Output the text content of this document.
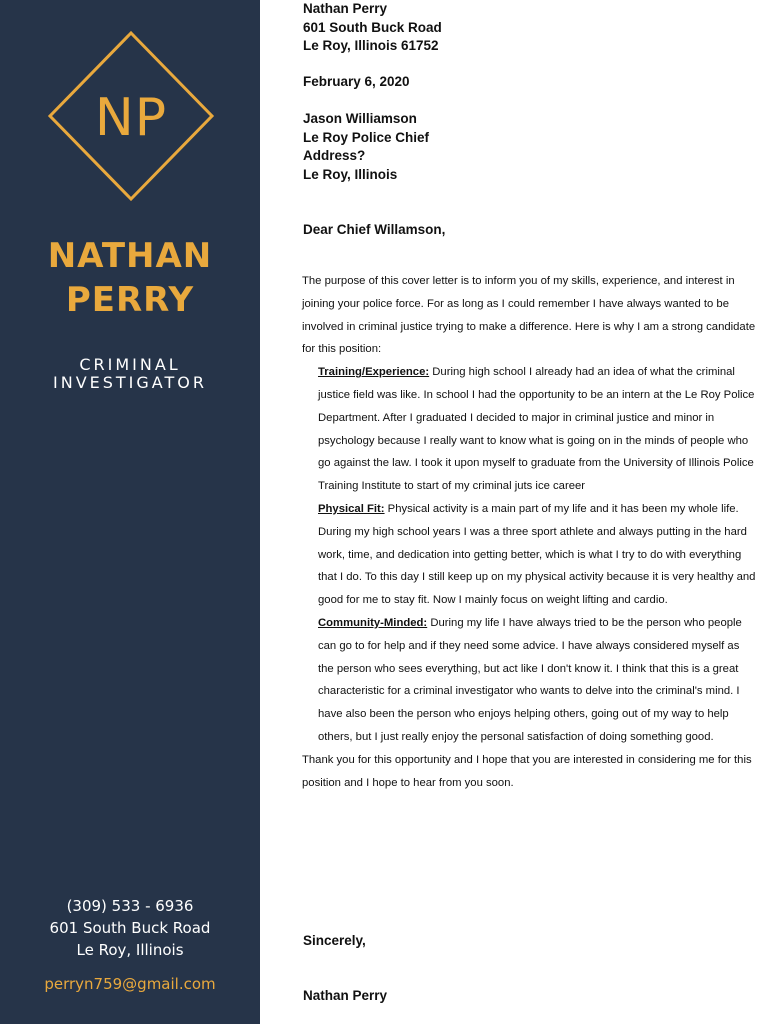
NP
NATHAN
PERRY
CRIMINAL
INVESTIGATOR
(309) 533 - 6936
601 South Buck Road
Le Roy, Illinois
perryn759@gmail.com
Nathan Perry
601 South Buck Road
Le Roy, Illinois 61752
February 6, 2020
Jason Williamson
Le Roy Police Chief
Address?
Le Roy, Illinois
Dear Chief Willamson,

The purpose of this cover letter is to inform you of my skills, experience, and interest in joining your police force. For as long as I could remember I have always wanted to be involved in criminal justice trying to make a difference. Here is why I am a strong candidate for this position:

Training/Experience: During high school I already had an idea of what the criminal justice field was like. In school I had the opportunity to be an intern at the Le Roy Police Department. After I graduated I decided to major in criminal justice and minor in psychology because I really want to know what is going on in the minds of people who go against the law. I took it upon myself to graduate from the University of Illinois Police Training Institute to start of my criminal juts ice career

Physical Fit: Physical activity is a main part of my life and it has been my whole life. During my high school years I was a three sport athlete and always putting in the hard work, time, and dedication into getting better, which is what I try to do with everything that I do. To this day I still keep up on my physical activity because it is very healthy and good for me to stay fit. Now I mainly focus on weight lifting and cardio.

Community-Minded: During my life I have always tried to be the person who people can go to for help and if they need some advice. I have always considered myself as the person who sees everything, but act like I don't know it. I think that this is a great characteristic for a criminal investigator who wants to delve into the criminal's mind. I have also been the person who enjoys helping others, going out of my way to help others, but I just really enjoy the personal satisfaction of doing something good.

Thank you for this opportunity and I hope that you are interested in considering me for this position and I hope to hear from you soon.

Sincerely,
Nathan Perry
